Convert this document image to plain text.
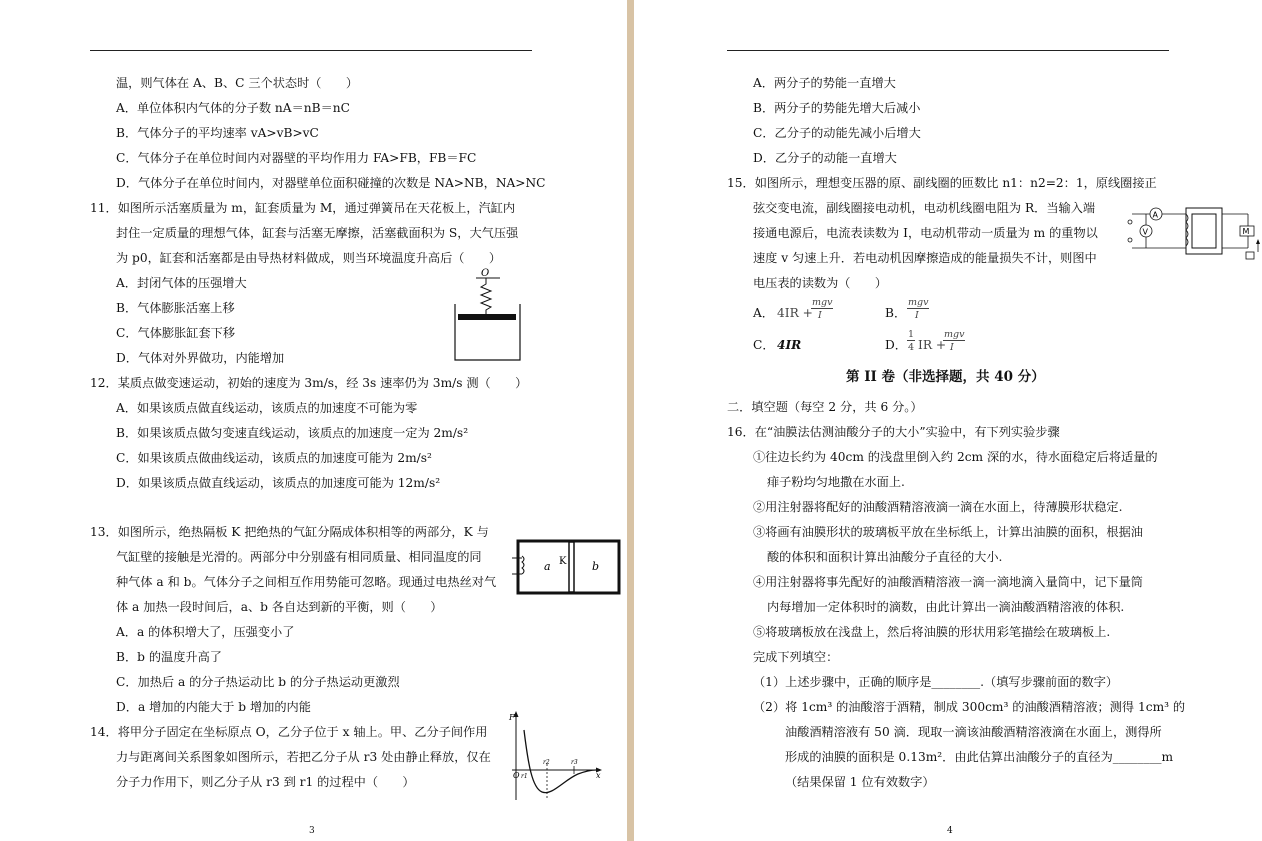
温，则气体在 A、B、C 三个状态时（　　）
A．单位体积内气体的分子数 nA＝nB＝nC
B．气体分子的平均速率 vA>vB>vC
C．气体分子在单位时间内对器壁的平均作用力 FA>FB，FB＝FC
D．气体分子在单位时间内，对器壁单位面积碰撞的次数是 NA>NB，NA>NC
11．如图所示活塞质量为 m，缸套质量为 M，通过弹簧吊在天花板上，汽缸内
封住一定质量的理想气体，缸套与活塞无摩擦，活塞截面积为 S，大气压强
为 p0，缸套和活塞都是由导热材料做成，则当环境温度升高后（　　）
A．封闭气体的压强增大
B．气体膨胀活塞上移
C．气体膨胀缸套下移
D．气体对外界做功，内能增加
O
12．某质点做变速运动，初始的速度为 3m/s，经 3s 速率仍为 3m/s 测（　　）
A．如果该质点做直线运动，该质点的加速度不可能为零
B．如果该质点做匀变速直线运动，该质点的加速度一定为 2m/s²
C．如果该质点做曲线运动，该质点的加速度可能为 2m/s²
D．如果该质点做直线运动，该质点的加速度可能为 12m/s²
13．如图所示，绝热隔板 K 把绝热的气缸分隔成体积相等的两部分，K 与
气缸壁的接触是光滑的。两部分中分别盛有相同质量、相同温度的同
种气体 a 和 b。气体分子之间相互作用势能可忽略。现通过电热丝对气
体 a 加热一段时间后，a、b 各自达到新的平衡，则（　　）
A．a 的体积增大了，压强变小了
B．b 的温度升高了
C．加热后 a 的分子热运动比 b 的分子热运动更激烈
D．a 增加的内能大于 b 增加的内能
a K b
14．将甲分子固定在坐标原点 O，乙分子位于 x 轴上。甲、乙分子间作用
力与距离间关系图象如图所示，若把乙分子从 r3 处由静止释放，仅在
分子力作用下，则乙分子从 r3 到 r1 的过程中（　　）
F
O r1
r2	r3
x
3
A．两分子的势能一直增大
B．两分子的势能先增大后减小
C．乙分子的动能先减小后增大
D．乙分子的动能一直增大
15．如图所示，理想变压器的原、副线圈的匝数比 n1：n2=2：1，原线圈接正
弦交变电流，副线圈接电动机，电动机线圈电阻为 R．当输入端
接通电源后，电流表读数为 I，电动机带动一质量为 m 的重物以
速度 v 匀速上升．若电动机因摩擦造成的能量损失不计，则图中
电压表的读数为（　　）
A
V	M
A． 4IR +
mgv
I	B．
mgv
I
C． 4IR	D．
1
4 IR +
mgv
I
第 II 卷（非选择题，共 40 分）
二．填空题（每空 2 分，共 6 分。）
16．在“油膜法估测油酸分子的大小”实验中，有下列实验步骤
①往边长约为 40cm 的浅盘里倒入约 2cm 深的水，待水面稳定后将适量的
痱子粉均匀地撒在水面上.
②用注射器将配好的油酸酒精溶液滴一滴在水面上，待薄膜形状稳定.
③将画有油膜形状的玻璃板平放在坐标纸上，计算出油膜的面积，根据油
酸的体积和面积计算出油酸分子直径的大小.
④用注射器将事先配好的油酸酒精溶液一滴一滴地滴入量筒中，记下量筒
内每增加一定体积时的滴数，由此计算出一滴油酸酒精溶液的体积.
⑤将玻璃板放在浅盘上，然后将油膜的形状用彩笔描绘在玻璃板上.
完成下列填空：
（1）上述步骤中，正确的顺序是________.（填写步骤前面的数字）
（2）将 1cm³ 的油酸溶于酒精，制成 300cm³ 的油酸酒精溶液；测得 1cm³ 的
油酸酒精溶液有 50 滴．现取一滴该油酸酒精溶液滴在水面上，测得所
形成的油膜的面积是 0.13m²．由此估算出油酸分子的直径为________m
（结果保留 1 位有效数字）
4
